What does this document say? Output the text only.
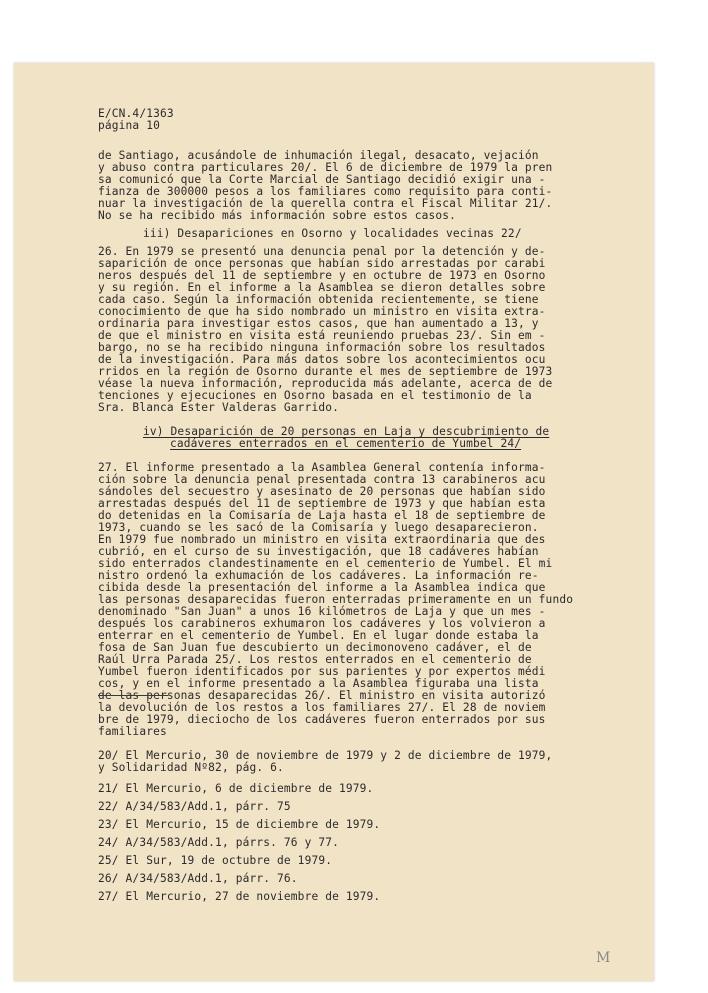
E/CN.4/1363
página 10
de Santiago, acusándole de inhumación ilegal, desacato, vejación
y abuso contra particulares 20/. El 6 de diciembre de 1979 la pren
sa comunicó que la Corte Marcial de Santiago decidió exigir una -
fianza de 300000 pesos a los familiares como requisito para conti-
nuar la investigación de la querella contra el Fiscal Militar 21/.
No se ha recibido más información sobre estos casos.
iii) Desapariciones en Osorno y localidades vecinas 22/
26. En 1979 se presentó una denuncia penal por la detención y de-
saparición de once personas que habían sido arrestadas por carabi
neros después del 11 de septiembre y en octubre de 1973 en Osorno
y su región. En el informe a la Asamblea se dieron detalles sobre
cada caso. Según la información obtenida recientemente, se tiene
conocimiento de que ha sido nombrado un ministro en visita extra-
ordinaria para investigar estos casos, que han aumentado a 13, y
de que el ministro en visita está reuniendo pruebas 23/. Sin em -
bargo, no se ha recibido ninguna información sobre los resultados
de la investigación. Para más datos sobre los acontecimientos ocu
rridos en la región de Osorno durante el mes de septiembre de 1973
véase la nueva información, reproducida más adelante, acerca de de
tenciones y ejecuciones en Osorno basada en el testimonio de la
Sra. Blanca Ester Valderas Garrido.
iv) Desaparición de 20 personas en Laja y descubrimiento de
cadáveres enterrados en el cementerio de Yumbel 24/
27. El informe presentado a la Asamblea General contenía informa-
ción sobre la denuncia penal presentada contra 13 carabineros acu
sándoles del secuestro y asesinato de 20 personas que habían sido
arrestadas después del 11 de septiembre de 1973 y que habían esta
do detenidas en la Comisaría de Laja hasta el 18 de septiembre de
1973, cuando se les sacó de la Comisaría y luego desaparecieron.
En 1979 fue nombrado un ministro en visita extraordinaria que des
cubrió, en el curso de su investigación, que 18 cadáveres habían
sido enterrados clandestinamente en el cementerio de Yumbel. El mi
nistro ordenó la exhumación de los cadáveres. La información re-
cibida desde la presentación del informe a la Asamblea indica que
las personas desaparecidas fueron enterradas primeramente en un fundo
denominado "San Juan" a unos 16 kilómetros de Laja y que un mes -
después los carabineros exhumaron los cadáveres y los volvieron a
enterrar en el cementerio de Yumbel. En el lugar donde estaba la
fosa de San Juan fue descubierto un decimonoveno cadáver, el de
Raúl Urra Parada 25/. Los restos enterrados en el cementerio de
Yumbel fueron identificados por sus parientes y por expertos médi
cos, y en el informe presentado a la Asamblea figuraba una lista
de las personas desaparecidas 26/. El ministro en visita autorizó
la devolución de los restos a los familiares 27/. El 28 de noviem
bre de 1979, dieciocho de los cadáveres fueron enterrados por sus
familiares
20/ El Mercurio, 30 de noviembre de 1979 y 2 de diciembre de 1979,
y Solidaridad Nº82, pág. 6.
21/ El Mercurio, 6 de diciembre de 1979.
22/ A/34/583/Add.1, párr. 75
23/ El Mercurio, 15 de diciembre de 1979.
24/ A/34/583/Add.1, párrs. 76 y 77.
25/ El Sur, 19 de octubre de 1979.
26/ A/34/583/Add.1, párr. 76.
27/ El Mercurio, 27 de noviembre de 1979.
M
